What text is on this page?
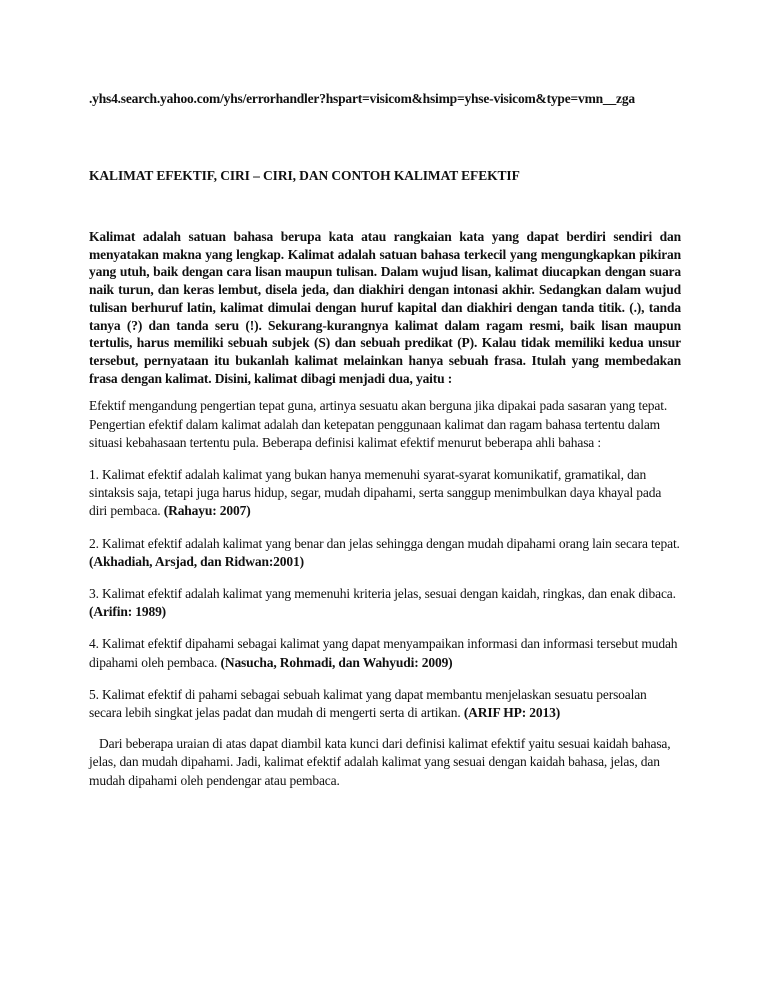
.yhs4.search.yahoo.com/yhs/errorhandler?hspart=visicom&hsimp=yhse-visicom&type=vmn__zga

KALIMAT EFEKTIF, CIRI – CIRI, DAN CONTOH KALIMAT EFEKTIF

Kalimat adalah satuan bahasa berupa kata atau rangkaian kata yang dapat berdiri sendiri dan menyatakan makna yang lengkap. Kalimat adalah satuan bahasa terkecil yang mengungkapkan pikiran yang utuh, baik dengan cara lisan maupun tulisan. Dalam wujud lisan, kalimat diucapkan dengan suara naik turun, dan keras lembut, disela jeda, dan diakhiri dengan intonasi akhir. Sedangkan dalam wujud tulisan berhuruf latin, kalimat dimulai dengan huruf kapital dan diakhiri dengan tanda titik. (.), tanda tanya (?) dan tanda seru (!). Sekurang-kurangnya kalimat dalam ragam resmi, baik lisan maupun tertulis, harus memiliki sebuah subjek (S) dan sebuah predikat (P). Kalau tidak memiliki kedua unsur tersebut, pernyataan itu bukanlah kalimat melainkan hanya sebuah frasa. Itulah yang membedakan frasa dengan kalimat. Disini, kalimat dibagi menjadi dua, yaitu :

Efektif mengandung pengertian tepat guna, artinya sesuatu akan berguna jika dipakai pada sasaran yang tepat. Pengertian efektif dalam kalimat adalah dan ketepatan penggunaan kalimat dan ragam bahasa tertentu dalam situasi kebahasaan tertentu pula. Beberapa definisi kalimat efektif menurut beberapa ahli bahasa :

1. Kalimat efektif adalah kalimat yang bukan hanya memenuhi syarat-syarat komunikatif, gramatikal, dan sintaksis saja, tetapi juga harus hidup, segar, mudah dipahami, serta sanggup menimbulkan daya khayal pada diri pembaca. (Rahayu: 2007)

2. Kalimat efektif adalah kalimat yang benar dan jelas sehingga dengan mudah dipahami orang lain secara tepat. (Akhadiah, Arsjad, dan Ridwan:2001)

3. Kalimat efektif adalah kalimat yang memenuhi kriteria jelas, sesuai dengan kaidah, ringkas, dan enak dibaca. (Arifin: 1989)

4. Kalimat efektif dipahami sebagai kalimat yang dapat menyampaikan informasi dan informasi tersebut mudah dipahami oleh pembaca. (Nasucha, Rohmadi, dan Wahyudi: 2009)

5. Kalimat efektif di pahami sebagai sebuah kalimat yang dapat membantu menjelaskan sesuatu persoalan secara lebih singkat jelas padat dan mudah di mengerti serta di artikan. (ARIF HP: 2013)

Dari beberapa uraian di atas dapat diambil kata kunci dari definisi kalimat efektif yaitu sesuai kaidah bahasa, jelas, dan mudah dipahami. Jadi, kalimat efektif adalah kalimat yang sesuai dengan kaidah bahasa, jelas, dan mudah dipahami oleh pendengar atau pembaca.
